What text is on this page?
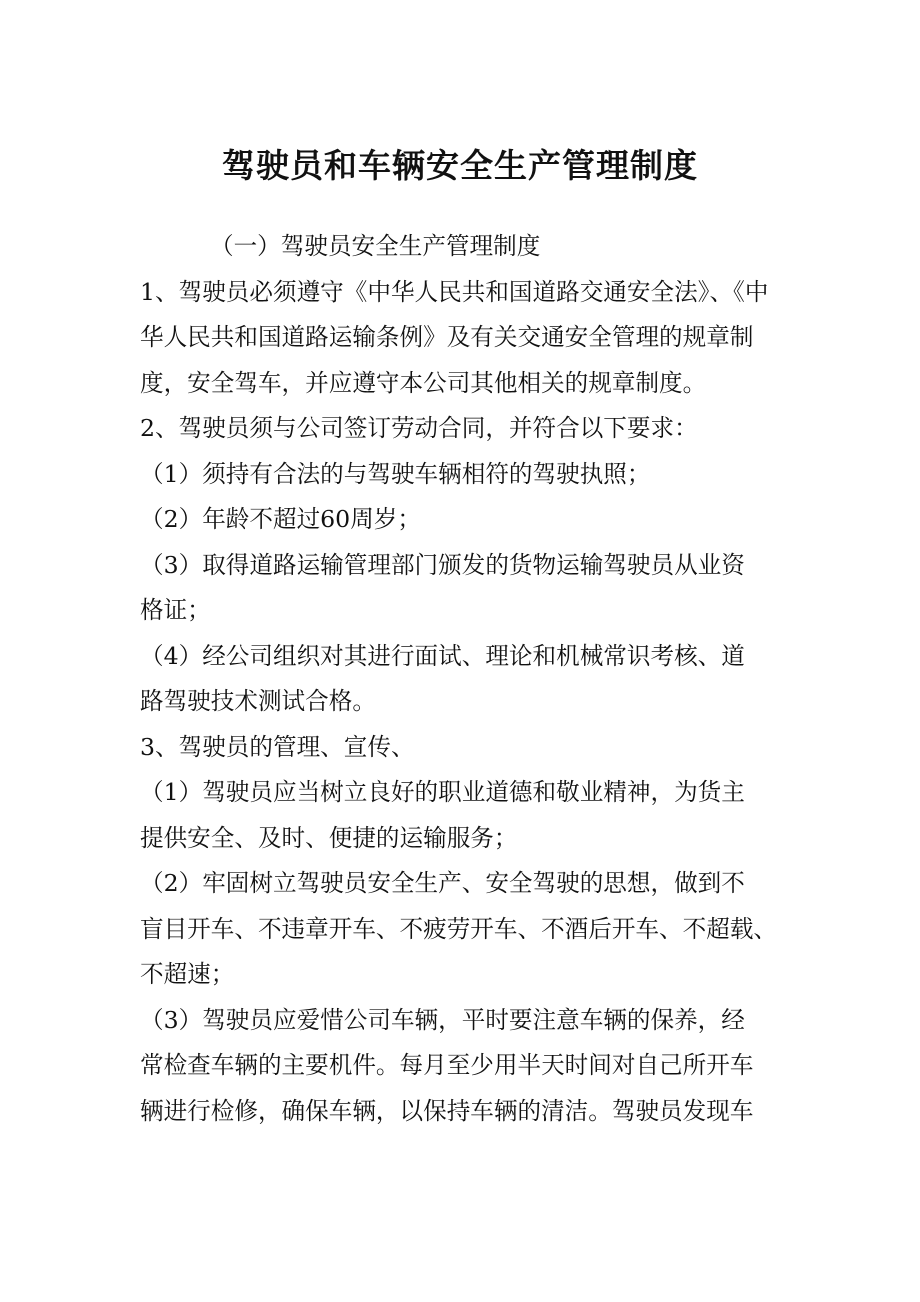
驾驶员和车辆安全生产管理制度

（一）驾驶员安全生产管理制度

1、驾驶员必须遵守《中华人民共和国道路交通安全法》、《中
华人民共和国道路运输条例》及有关交通安全管理的规章制
度，安全驾车，并应遵守本公司其他相关的规章制度。

2、驾驶员须与公司签订劳动合同，并符合以下要求：

（1）须持有合法的与驾驶车辆相符的驾驶执照；

（2）年龄不超过60周岁；

（3）取得道路运输管理部门颁发的货物运输驾驶员从业资
格证；

（4）经公司组织对其进行面试、理论和机械常识考核、道
路驾驶技术测试合格。

3、驾驶员的管理、宣传、

（1）驾驶员应当树立良好的职业道德和敬业精神，为货主
提供安全、及时、便捷的运输服务；

（2）牢固树立驾驶员安全生产、安全驾驶的思想，做到不
盲目开车、不违章开车、不疲劳开车、不酒后开车、不超载、
不超速；

（3）驾驶员应爱惜公司车辆，平时要注意车辆的保养，经
常检查车辆的主要机件。每月至少用半天时间对自己所开车
辆进行检修，确保车辆，以保持车辆的清洁。驾驶员发现车
